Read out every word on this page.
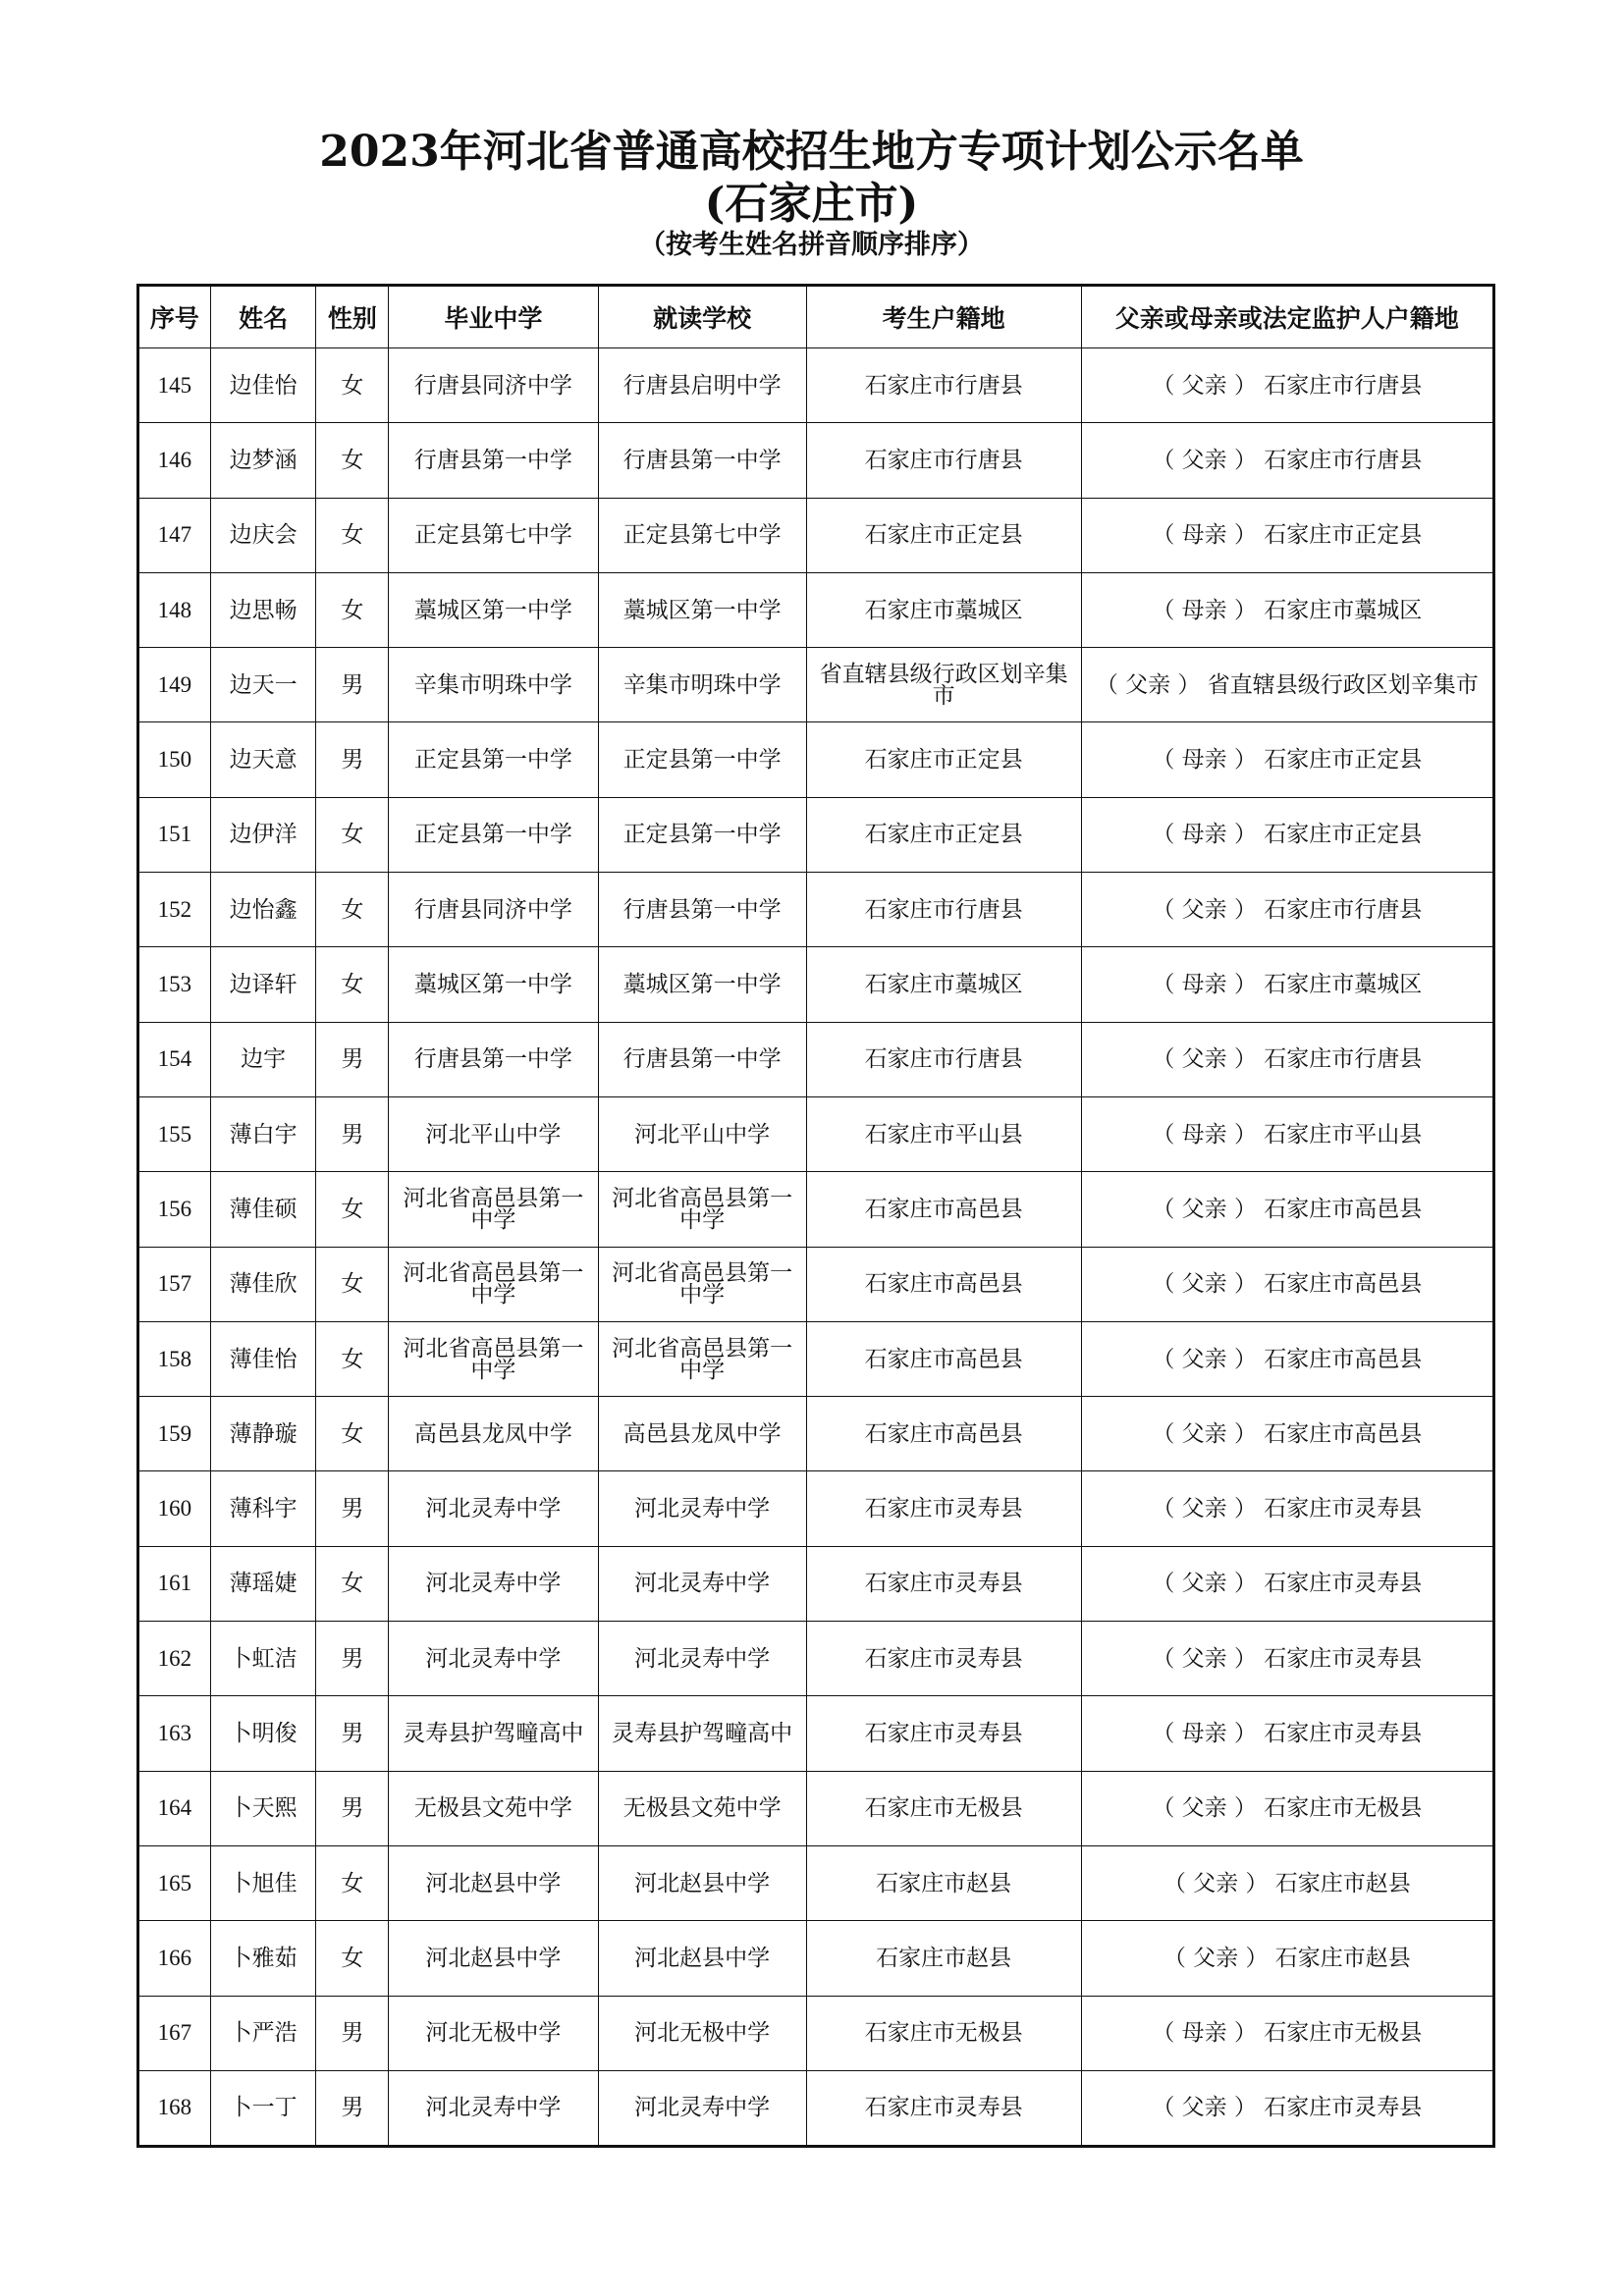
2023年河北省普通高校招生地方专项计划公示名单
(石家庄市)
（按考生姓名拼音顺序排序）
序号	姓名	性别	毕业中学	就读学校	考生户籍地	父亲或母亲或法定监护人户籍地
145	边佳怡	女	行唐县同济中学	行唐县启明中学	石家庄市行唐县	（ 父亲 ） 石家庄市行唐县
146	边梦涵	女	行唐县第一中学	行唐县第一中学	石家庄市行唐县	（ 父亲 ） 石家庄市行唐县
147	边庆会	女	正定县第七中学	正定县第七中学	石家庄市正定县	（ 母亲 ） 石家庄市正定县
148	边思畅	女	藁城区第一中学	藁城区第一中学	石家庄市藁城区	（ 母亲 ） 石家庄市藁城区
149	边天一	男	辛集市明珠中学	辛集市明珠中学	省直辖县级行政区划辛集市	（ 父亲 ） 省直辖县级行政区划辛集市
150	边天意	男	正定县第一中学	正定县第一中学	石家庄市正定县	（ 母亲 ） 石家庄市正定县
151	边伊洋	女	正定县第一中学	正定县第一中学	石家庄市正定县	（ 母亲 ） 石家庄市正定县
152	边怡鑫	女	行唐县同济中学	行唐县第一中学	石家庄市行唐县	（ 父亲 ） 石家庄市行唐县
153	边译轩	女	藁城区第一中学	藁城区第一中学	石家庄市藁城区	（ 母亲 ） 石家庄市藁城区
154	边宇	男	行唐县第一中学	行唐县第一中学	石家庄市行唐县	（ 父亲 ） 石家庄市行唐县
155	薄白宇	男	河北平山中学	河北平山中学	石家庄市平山县	（ 母亲 ） 石家庄市平山县
156	薄佳硕	女	河北省高邑县第一中学	河北省高邑县第一中学	石家庄市高邑县	（ 父亲 ） 石家庄市高邑县
157	薄佳欣	女	河北省高邑县第一中学	河北省高邑县第一中学	石家庄市高邑县	（ 父亲 ） 石家庄市高邑县
158	薄佳怡	女	河北省高邑县第一中学	河北省高邑县第一中学	石家庄市高邑县	（ 父亲 ） 石家庄市高邑县
159	薄静璇	女	高邑县龙凤中学	高邑县龙凤中学	石家庄市高邑县	（ 父亲 ） 石家庄市高邑县
160	薄科宇	男	河北灵寿中学	河北灵寿中学	石家庄市灵寿县	（ 父亲 ） 石家庄市灵寿县
161	薄瑶婕	女	河北灵寿中学	河北灵寿中学	石家庄市灵寿县	（ 父亲 ） 石家庄市灵寿县
162	卜虹洁	男	河北灵寿中学	河北灵寿中学	石家庄市灵寿县	（ 父亲 ） 石家庄市灵寿县
163	卜明俊	男	灵寿县护驾疃高中	灵寿县护驾疃高中	石家庄市灵寿县	（ 母亲 ） 石家庄市灵寿县
164	卜天熙	男	无极县文苑中学	无极县文苑中学	石家庄市无极县	（ 父亲 ） 石家庄市无极县
165	卜旭佳	女	河北赵县中学	河北赵县中学	石家庄市赵县	（ 父亲 ） 石家庄市赵县
166	卜雅茹	女	河北赵县中学	河北赵县中学	石家庄市赵县	（ 父亲 ） 石家庄市赵县
167	卜严浩	男	河北无极中学	河北无极中学	石家庄市无极县	（ 母亲 ） 石家庄市无极县
168	卜一丁	男	河北灵寿中学	河北灵寿中学	石家庄市灵寿县	（ 父亲 ） 石家庄市灵寿县
